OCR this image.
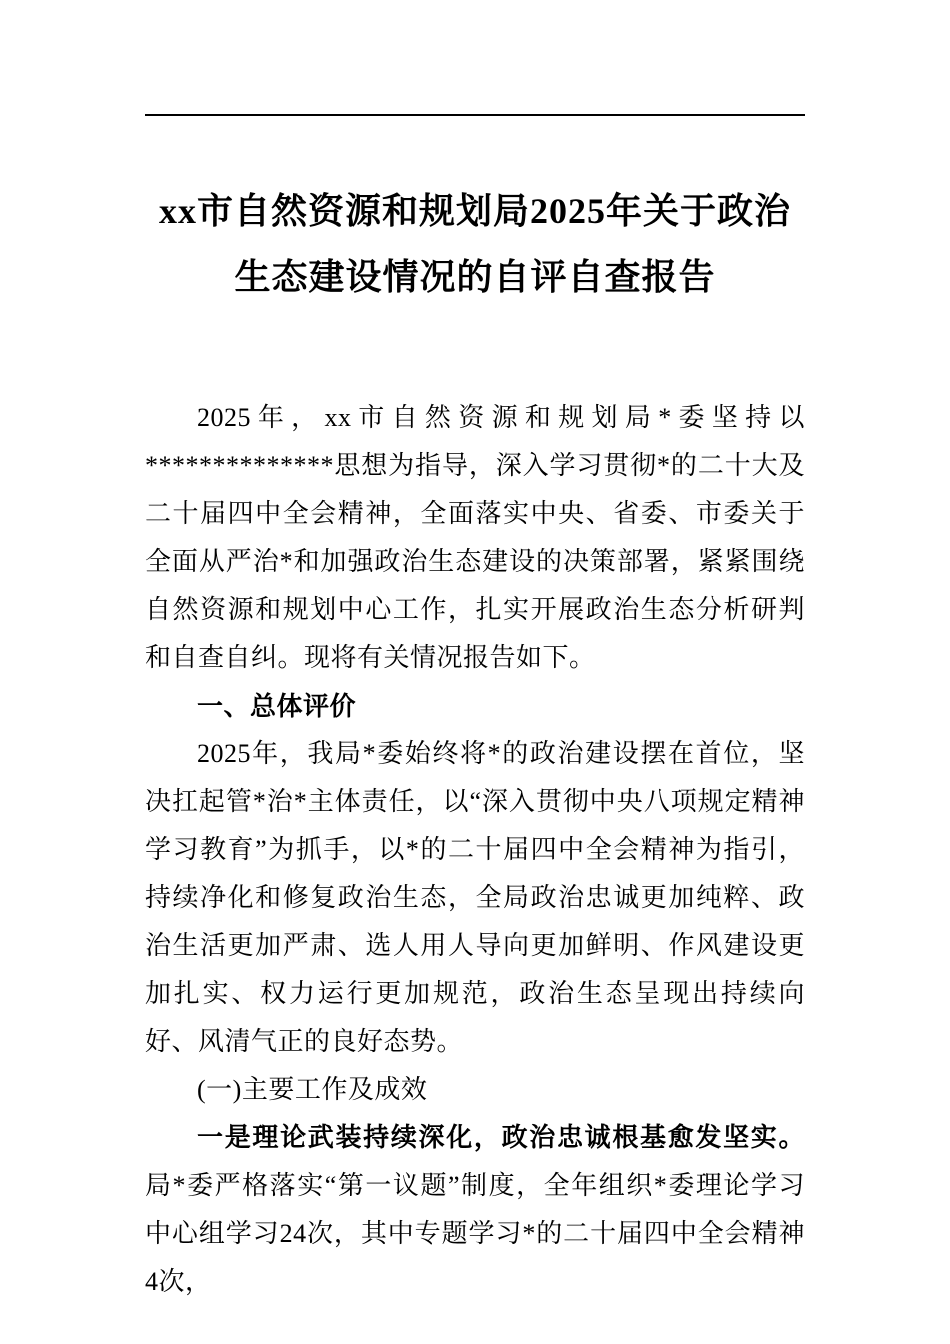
xx市自然资源和规划局2025年关于政治生态建设情况的自评自查报告

2025年，xx市自然资源和规划局*委坚持以**************思想为指导，深入学习贯彻*的二十大及二十届四中全会精神，全面落实中央、省委、市委关于全面从严治*和加强政治生态建设的决策部署，紧紧围绕自然资源和规划中心工作，扎实开展政治生态分析研判和自查自纠。现将有关情况报告如下。

一、总体评价

2025年，我局*委始终将*的政治建设摆在首位，坚决扛起管*治*主体责任，以“深入贯彻中央八项规定精神学习教育”为抓手，以*的二十届四中全会精神为指引，持续净化和修复政治生态，全局政治忠诚更加纯粹、政治生活更加严肃、选人用人导向更加鲜明、作风建设更加扎实、权力运行更加规范，政治生态呈现出持续向好、风清气正的良好态势。

(一)主要工作及成效

一是理论武装持续深化，政治忠诚根基愈发坚实。局*委严格落实“第一议题”制度，全年组织*委理论学习中心组学习24次，其中专题学习*的二十届四中全会精神4次，
